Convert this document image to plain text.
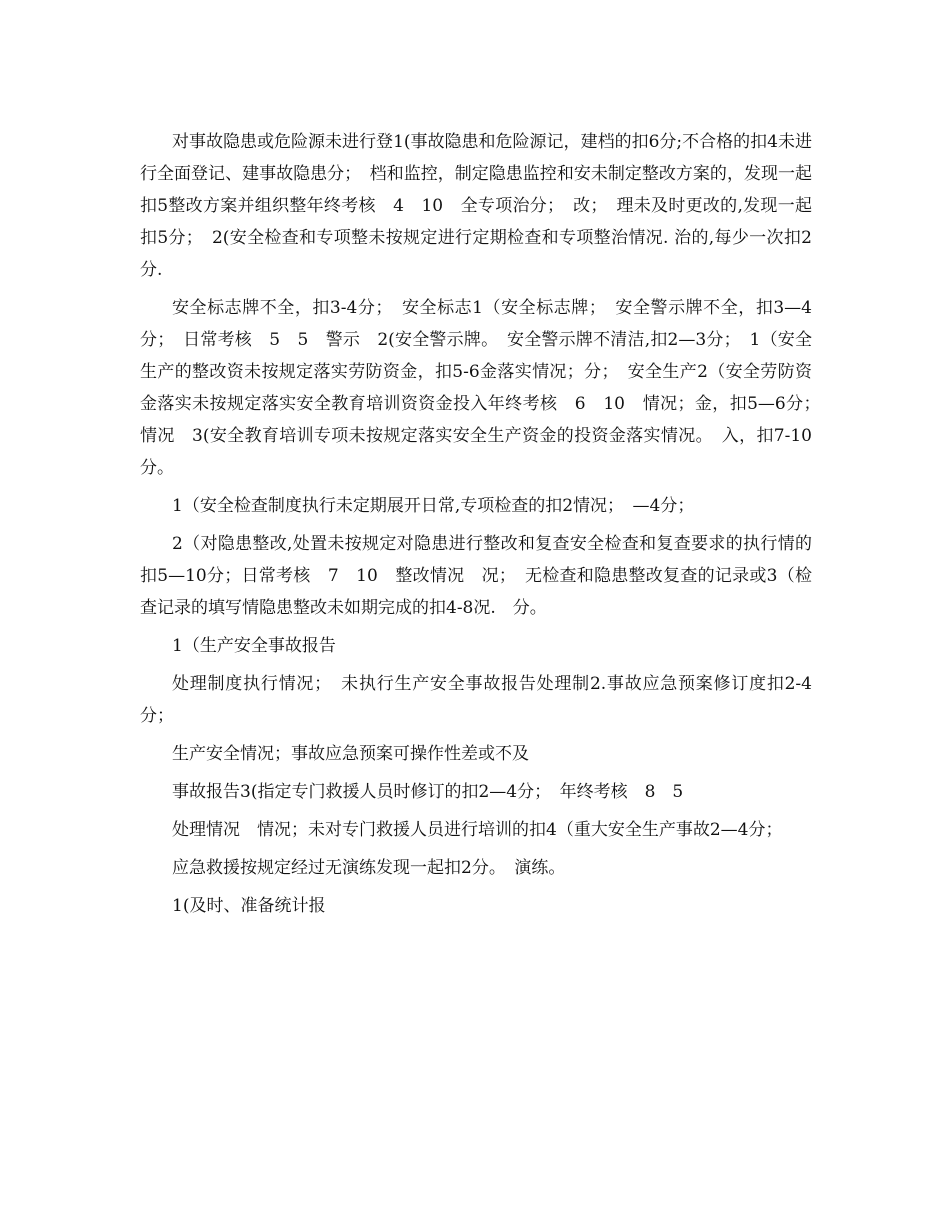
对事故隐患或危险源未进行登1(事故隐患和危险源记，建档的扣6分;不合格的扣4未进行全面登记、建事故隐患分；　档和监控，制定隐患监控和安未制定整改方案的，发现一起扣5整改方案并组织整年终考核　4　10　全专项治分；　改；　理未及时更改的,发现一起扣5分；　2(安全检查和专项整未按规定进行定期检查和专项整治情况. 治的,每少一次扣2分.

安全标志牌不全，扣3-4分；　安全标志1（安全标志牌；　安全警示牌不全，扣3—4分；　日常考核　5　5　警示　2(安全警示牌。　安全警示牌不清洁,扣2—3分；　1（安全生产的整改资未按规定落实劳防资金，扣5-6金落实情况；分；　安全生产2（安全劳防资金落实未按规定落实安全教育培训资资金投入年终考核　6　10　情况；金，扣5—6分；　情况　3(安全教育培训专项未按规定落实安全生产资金的投资金落实情况。　入，扣7-10分。

1（安全检查制度执行未定期展开日常,专项检查的扣2情况；　—4分；

2（对隐患整改,处置未按规定对隐患进行整改和复查安全检查和复查要求的执行情的扣5—10分；日常考核　7　10　整改情况　况；　无检查和隐患整改复查的记录或3（检查记录的填写情隐患整改未如期完成的扣4-8况.　分。

1（生产安全事故报告

处理制度执行情况；　未执行生产安全事故报告处理制2.事故应急预案修订度扣2-4分；

生产安全情况；事故应急预案可操作性差或不及

事故报告3(指定专门救援人员时修订的扣2—4分；　年终考核　8　5

处理情况　情况；未对专门救援人员进行培训的扣4（重大安全生产事故2—4分；

应急救援按规定经过无演练发现一起扣2分。　演练。

1(及时、准备统计报
